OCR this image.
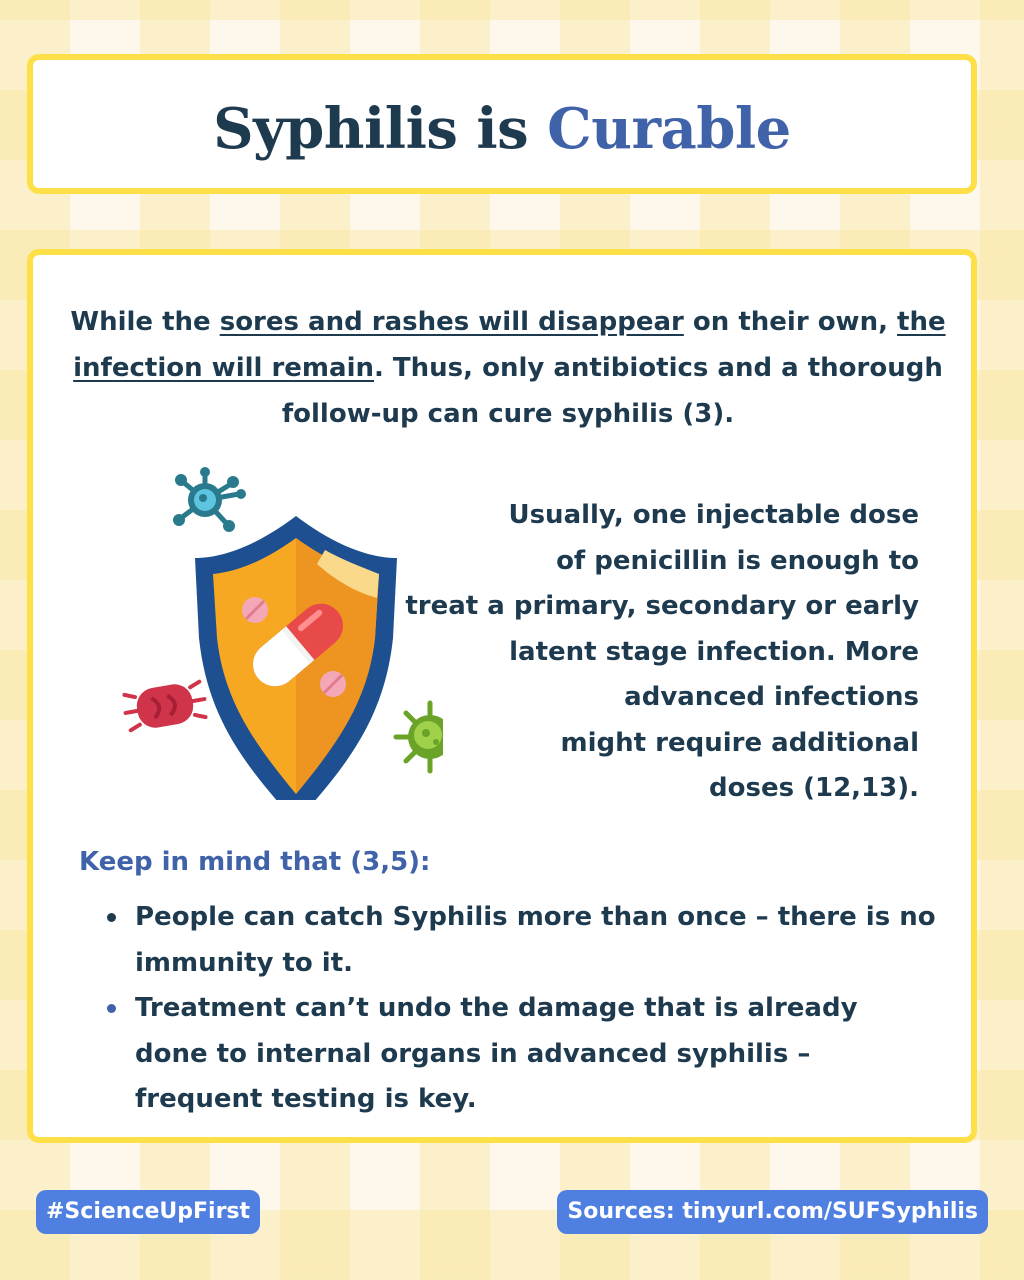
Syphilis is Curable

While the sores and rashes will disappear on their own, the infection will remain. Thus, only antibiotics and a thorough follow-up can cure syphilis (3).

Usually, one injectable dose
of penicillin is enough to
treat a primary, secondary or early
latent stage infection. More
advanced infections
might require additional
doses (12,13).

Keep in mind that (3,5):

People can catch Syphilis more than once – there is no immunity to it.
Treatment can’t undo the damage that is already done to internal organs in advanced syphilis – frequent testing is key.
#ScienceUpFirst	Sources: tinyurl.com/SUFSyphilis
